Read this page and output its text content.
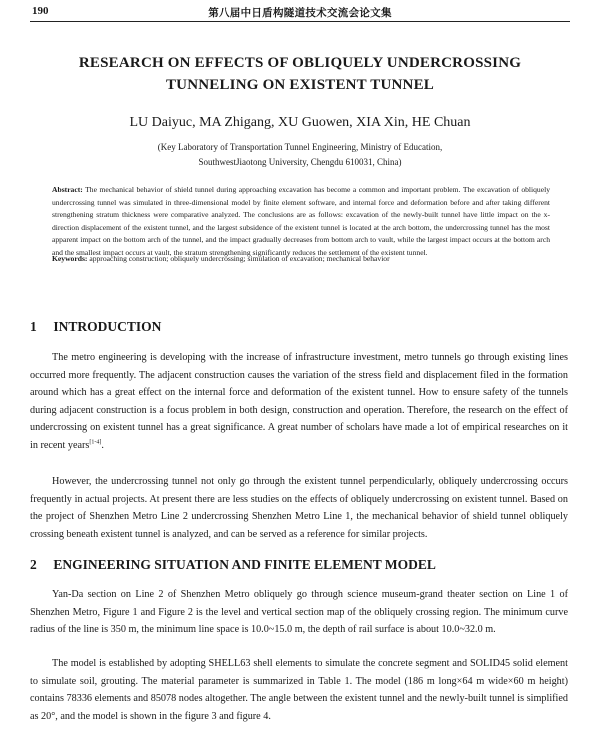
190	第八届中日盾构隧道技术交流会论文集
RESEARCH ON EFFECTS OF OBLIQUELY UNDERCROSSING
TUNNELING ON EXISTENT TUNNEL
LU Daiyuc, MA Zhigang, XU Guowen, XIA Xin, HE Chuan
(Key Laboratory of Transportation Tunnel Engineering, Ministry of Education,
SouthwestJiaotong University, Chengdu 610031, China)
Abstract: The mechanical behavior of shield tunnel during approaching excavation has become a common and important problem. The excavation of obliquely undercrossing tunnel was simulated in three-dimensional model by finite element software, and internal force and deformation before and after taking different strengthening stratum thickness were comparative analyzed. The conclusions are as follows: excavation of the newly-built tunnel have little impact on the x-direction displacement of the existent tunnel, and the largest subsidence of the existent tunnel is located at the arch bottom, the undercrossing tunnel has the most apparent impact on the bottom arch of the tunnel, and the impact gradually decreases from bottom arch to vault, while the largest impact occurs at the bottom arch and the smallest impact occurs at vault, the stratum strengthening significantly reduces the settlement of the existent tunnel.
Keywords: approaching construction; obliquely undercrossing; simulation of excavation; mechanical behavior
1 INTRODUCTION
The metro engineering is developing with the increase of infrastructure investment, metro tunnels go through existing lines occurred more frequently. The adjacent construction causes the variation of the stress field and displacement filed in the formation around which has a great effect on the internal force and deformation of the existent tunnel. How to ensure safety of the tunnels during adjacent construction is a focus problem in both design, construction and operation. Therefore, the research on the effect of undercrossing on existent tunnel has a great significance. A great number of scholars have made a lot of empirical researches on it in recent years[1-4].
However, the undercrossing tunnel not only go through the existent tunnel perpendicularly, obliquely undercrossing occurs frequently in actual projects. At present there are less studies on the effects of obliquely undercrossing on existent tunnel. Based on the project of Shenzhen Metro Line 2 undercrossing Shenzhen Metro Line 1, the mechanical behavior of shield tunnel obliquely crossing beneath existent tunnel is analyzed, and can be served as a reference for similar projects.
2 ENGINEERING SITUATION AND FINITE ELEMENT MODEL
Yan-Da section on Line 2 of Shenzhen Metro obliquely go through science museum-grand theater section on Line 1 of Shenzhen Metro, Figure 1 and Figure 2 is the level and vertical section map of the obliquely crossing region. The minimum curve radius of the line is 350 m, the minimum line space is 10.0~15.0 m, the depth of rail surface is about 10.0~32.0 m.
The model is established by adopting SHELL63 shell elements to simulate the concrete segment and SOLID45 solid element to simulate soil, grouting. The material parameter is summarized in Table 1. The model (186 m long×64 m wide×60 m height) contains 78336 elements and 85078 nodes altogether. The angle between the existent tunnel and the newly-built tunnel is simplified as 20°, and the model is shown in the figure 3 and figure 4.
